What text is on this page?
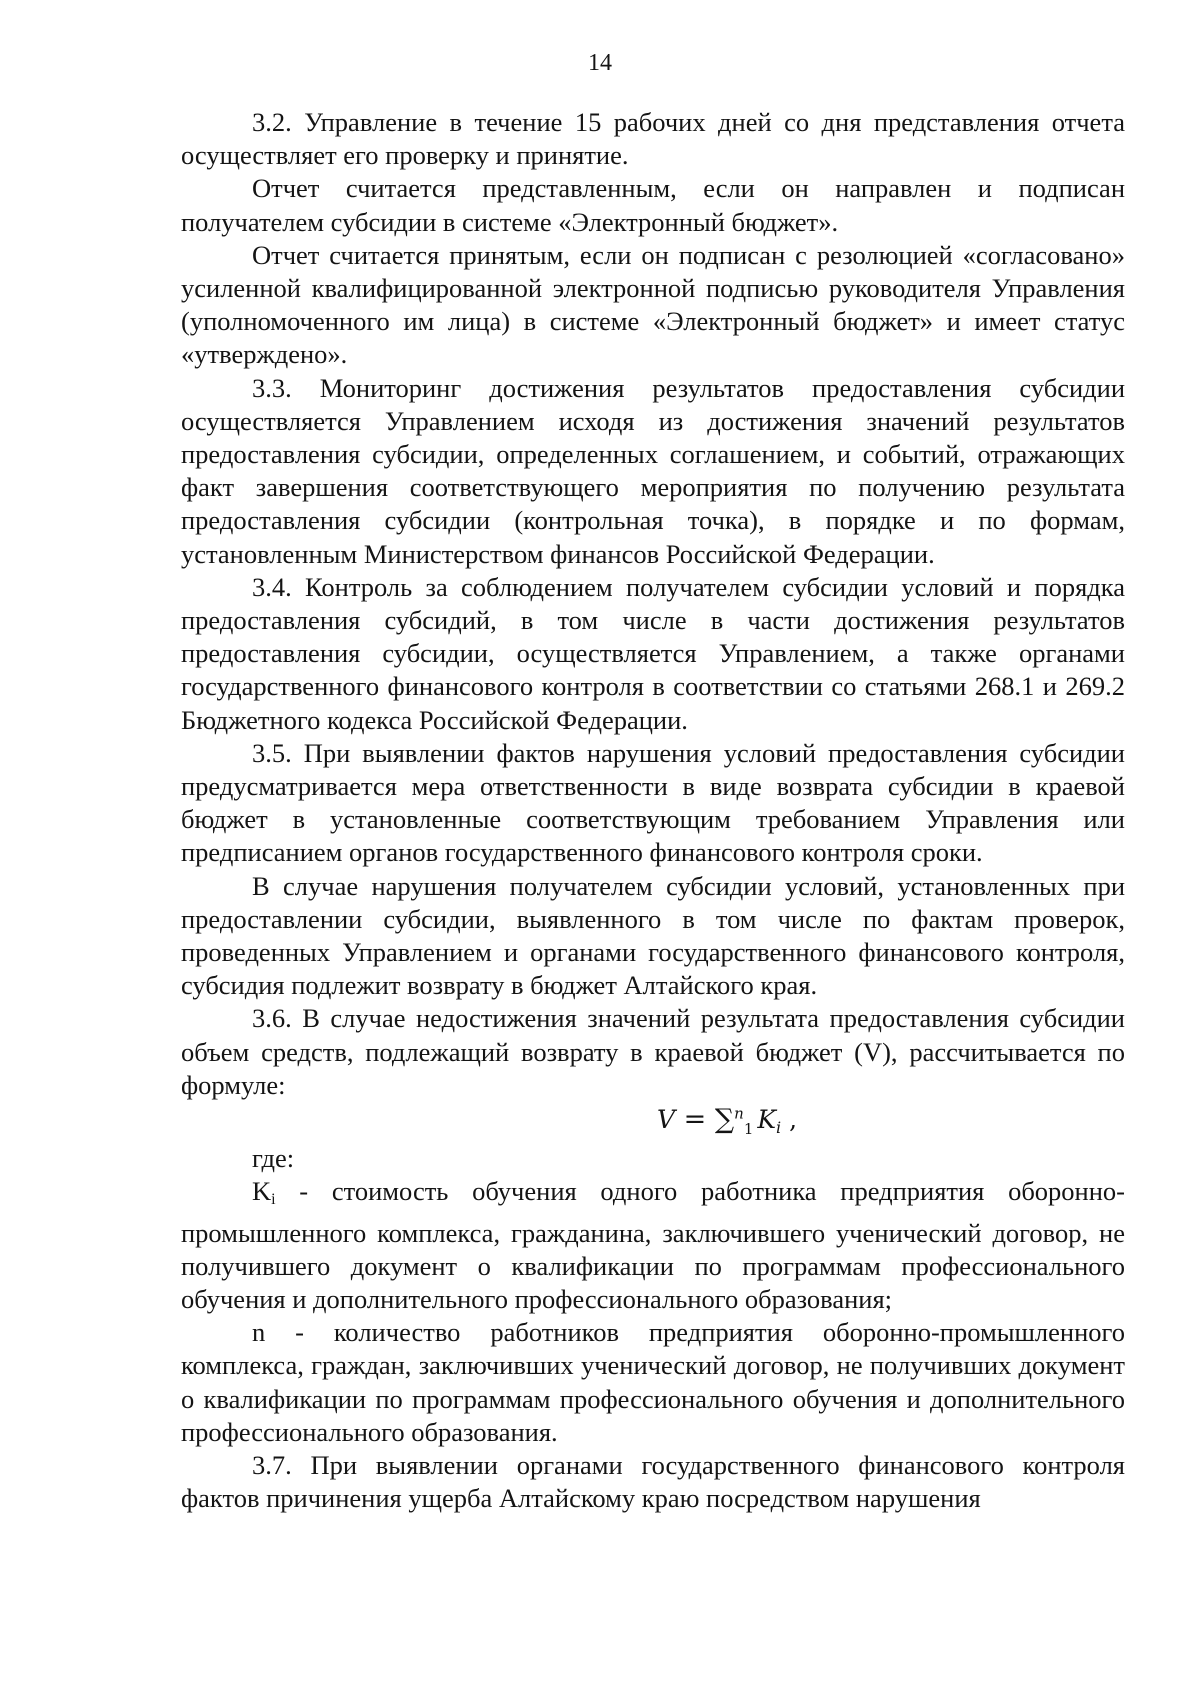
14

3.2. Управление в течение 15 рабочих дней со дня представления отчета осуществляет его проверку и принятие.

Отчет считается представленным, если он направлен и подписан получателем субсидии в системе «Электронный бюджет».

Отчет считается принятым, если он подписан с резолюцией «согласовано» усиленной квалифицированной электронной подписью руководителя Управления (уполномоченного им лица) в системе «Электронный бюджет» и имеет статус «утверждено».

3.3. Мониторинг достижения результатов предоставления субсидии осуществляется Управлением исходя из достижения значений результатов предоставления субсидии, определенных соглашением, и событий, отражающих факт завершения соответствующего мероприятия по получению результата предоставления субсидии (контрольная точка), в порядке и по формам, установленным Министерством финансов Российской Федерации.

3.4. Контроль за соблюдением получателем субсидии условий и порядка предоставления субсидий, в том числе в части достижения результатов предоставления субсидии, осуществляется Управлением, а также органами государственного финансового контроля в соответствии со статьями 268.1 и 269.2 Бюджетного кодекса Российской Федерации.

3.5. При выявлении фактов нарушения условий предоставления субсидии предусматривается мера ответственности в виде возврата субсидии в краевой бюджет в установленные соответствующим требованием Управления или предписанием органов государственного финансового контроля сроки.

В случае нарушения получателем субсидии условий, установленных при предоставлении субсидии, выявленного в том числе по фактам проверок, проведенных Управлением и органами государственного финансового контроля, субсидия подлежит возврату в бюджет Алтайского края.

3.6. В случае недостижения значений результата предоставления субсидии объем средств, подлежащий возврату в краевой бюджет (V), рассчитывается по формуле:

V = ∑$^n_1$ $K_i$ ,

где:

Ki - стоимость обучения одного работника предприятия оборонно-промышленного комплекса, гражданина, заключившего ученический договор, не получившего документ о квалификации по программам профессионального обучения и дополнительного профессионального образования;

n - количество работников предприятия оборонно-промышленного комплекса, граждан, заключивших ученический договор, не получивших документ о квалификации по программам профессионального обучения и дополнительного профессионального образования.

3.7. При выявлении органами государственного финансового контроля фактов причинения ущерба Алтайскому краю посредством нарушения
